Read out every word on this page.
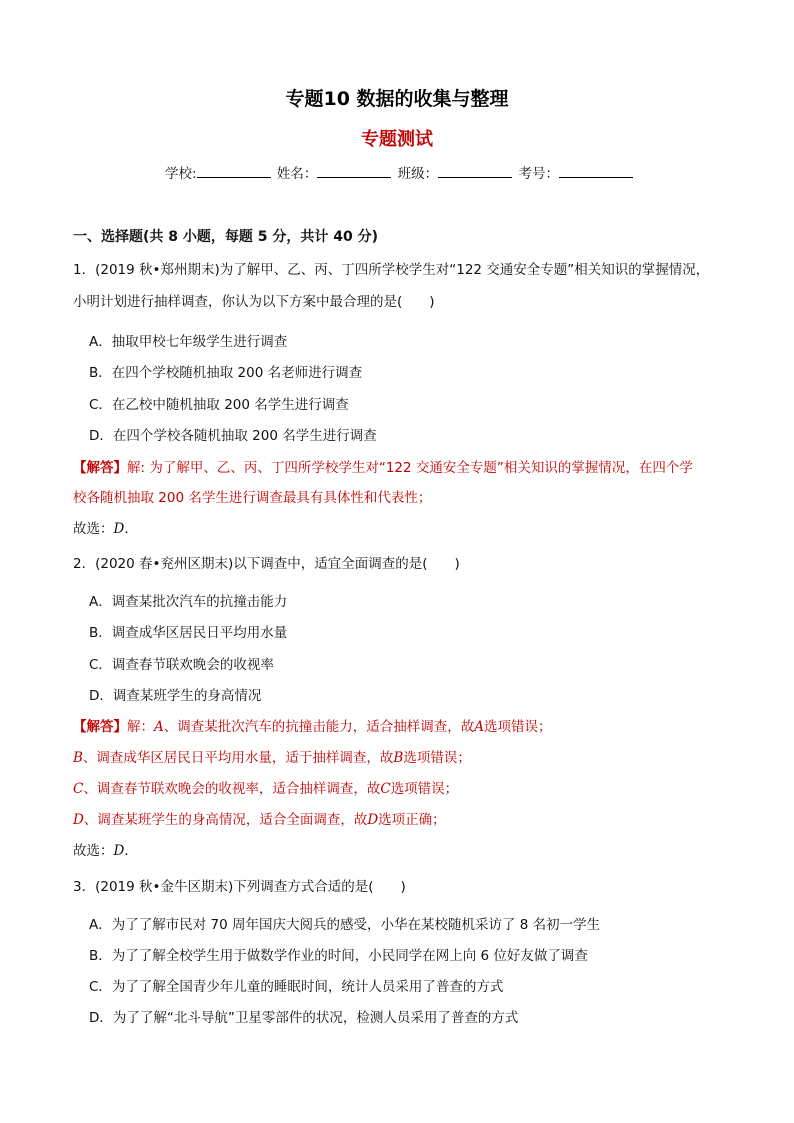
专题10 数据的收集与整理
专题测试
学校:	姓名：	班级：	考号：
一、选择题(共 8 小题，每题 5 分，共计 40 分)
1．(2019 秋•郑州期末)为了解甲、乙、丙、丁四所学校学生对“122 交通安全专题”相关知识的掌握情况，
小明计划进行抽样调查，你认为以下方案中最合理的是(　　)
A．抽取甲校七年级学生进行调查
B．在四个学校随机抽取 200 名老师进行调查
C．在乙校中随机抽取 200 名学生进行调查
D．在四个学校各随机抽取 200 名学生进行调查
【解答】解: 为了解甲、乙、丙、丁四所学校学生对“122 交通安全专题”相关知识的掌握情况，在四个学
校各随机抽取 200 名学生进行调查最具有具体性和代表性；
故选：D．
2．(2020 春•兖州区期末)以下调查中，适宜全面调查的是(　　)
A．调查某批次汽车的抗撞击能力
B．调查成华区居民日平均用水量
C．调查春节联欢晚会的收视率
D．调查某班学生的身高情况
【解答】解：A、调查某批次汽车的抗撞击能力，适合抽样调查，故A选项错误；
B、调查成华区居民日平均用水量，适于抽样调查，故B选项错误；
C、调查春节联欢晚会的收视率，适合抽样调查，故C选项错误；
D、调查某班学生的身高情况，适合全面调查，故D选项正确；
故选：D．
3．(2019 秋•金牛区期末)下列调查方式合适的是(　　)
A．为了了解市民对 70 周年国庆大阅兵的感受，小华在某校随机采访了 8 名初一学生
B．为了了解全校学生用于做数学作业的时间，小民同学在网上向 6 位好友做了调查
C．为了了解全国青少年儿童的睡眠时间，统计人员采用了普查的方式
D．为了了解“北斗导航”卫星零部件的状况，检测人员采用了普查的方式
